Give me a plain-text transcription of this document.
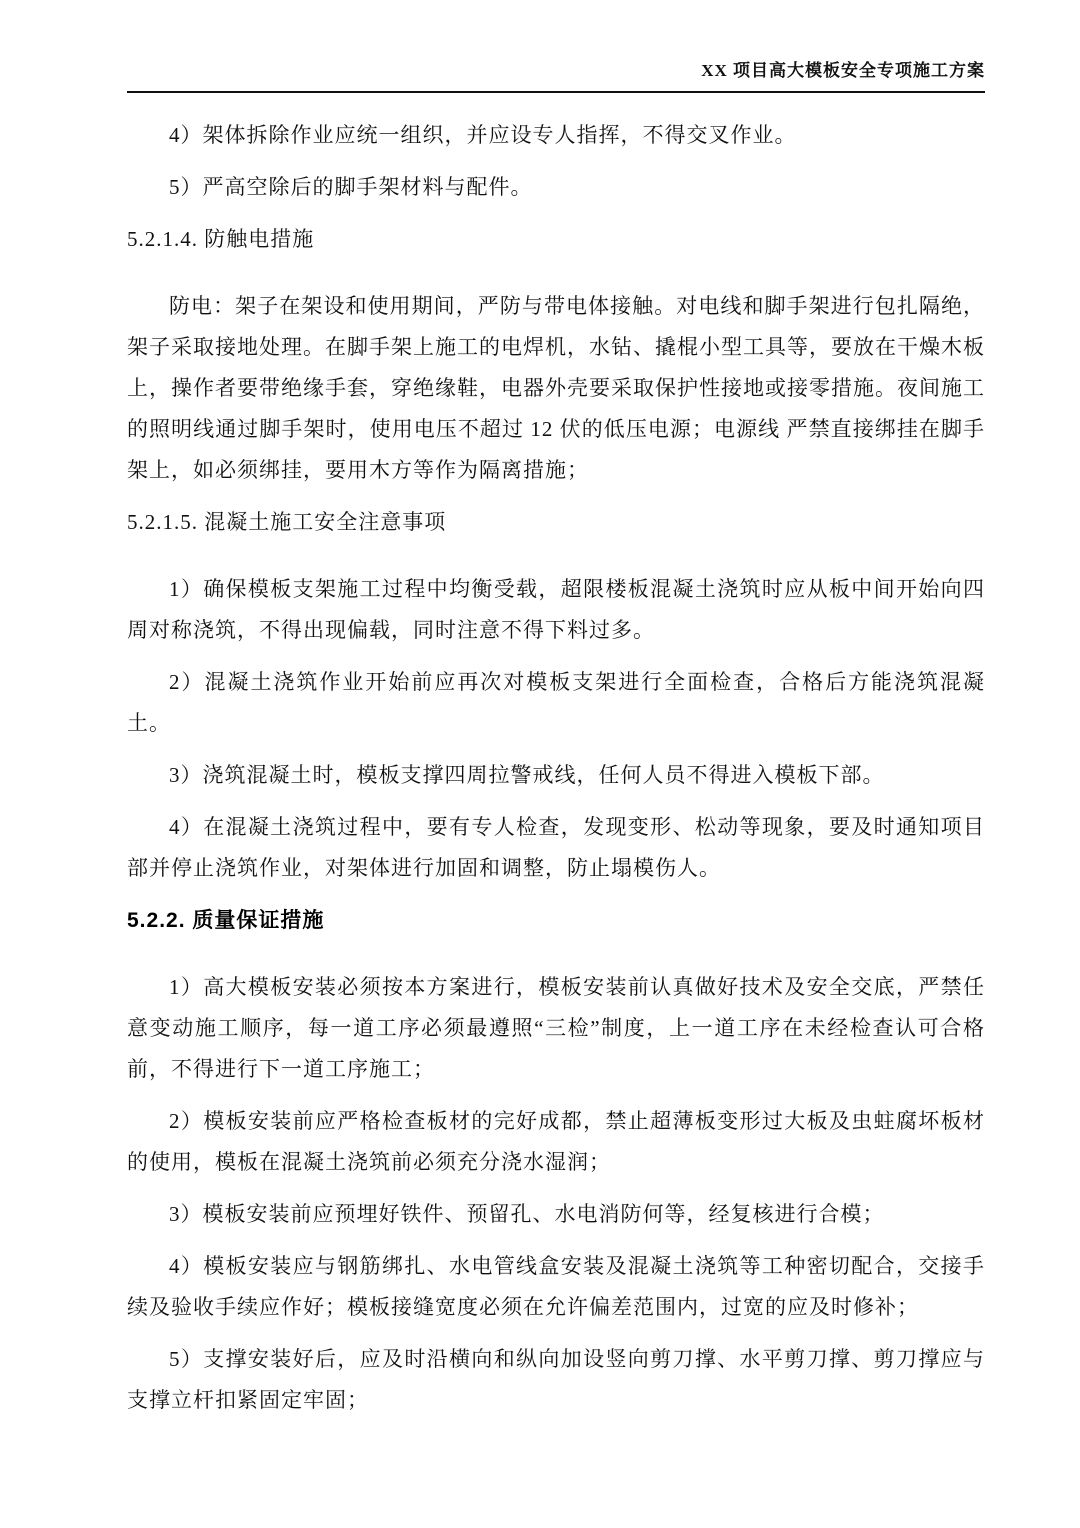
XX 项目高大模板安全专项施工方案

4）架体拆除作业应统一组织，并应设专人指挥，不得交叉作业。

5）严高空除后的脚手架材料与配件。

5.2.1.4. 防触电措施

防电：架子在架设和使用期间，严防与带电体接触。对电线和脚手架进行包扎隔绝，架子采取接地处理。在脚手架上施工的电焊机，水钻、撬棍小型工具等，要放在干燥木板上，操作者要带绝缘手套，穿绝缘鞋，电器外壳要采取保护性接地或接零措施。夜间施工的照明线通过脚手架时，使用电压不超过 12 伏的低压电源；电源线 严禁直接绑挂在脚手架上，如必须绑挂，要用木方等作为隔离措施；

5.2.1.5. 混凝土施工安全注意事项

1）确保模板支架施工过程中均衡受载，超限楼板混凝土浇筑时应从板中间开始向四周对称浇筑，不得出现偏载，同时注意不得下料过多。

2）混凝土浇筑作业开始前应再次对模板支架进行全面检查，合格后方能浇筑混凝土。

3）浇筑混凝土时，模板支撑四周拉警戒线，任何人员不得进入模板下部。

4）在混凝土浇筑过程中，要有专人检查，发现变形、松动等现象，要及时通知项目部并停止浇筑作业，对架体进行加固和调整，防止塌模伤人。

5.2.2. 质量保证措施

1）高大模板安装必须按本方案进行，模板安装前认真做好技术及安全交底，严禁任意变动施工顺序，每一道工序必须最遵照“三检”制度，上一道工序在未经检查认可合格前，不得进行下一道工序施工；

2）模板安装前应严格检查板材的完好成都，禁止超薄板变形过大板及虫蛀腐坏板材的使用，模板在混凝土浇筑前必须充分浇水湿润；

3）模板安装前应预埋好铁件、预留孔、水电消防何等，经复核进行合模；

4）模板安装应与钢筋绑扎、水电管线盒安装及混凝土浇筑等工种密切配合，交接手续及验收手续应作好；模板接缝宽度必须在允许偏差范围内，过宽的应及时修补；

5）支撑安装好后，应及时沿横向和纵向加设竖向剪刀撑、水平剪刀撑、剪刀撑应与支撑立杆扣紧固定牢固；
